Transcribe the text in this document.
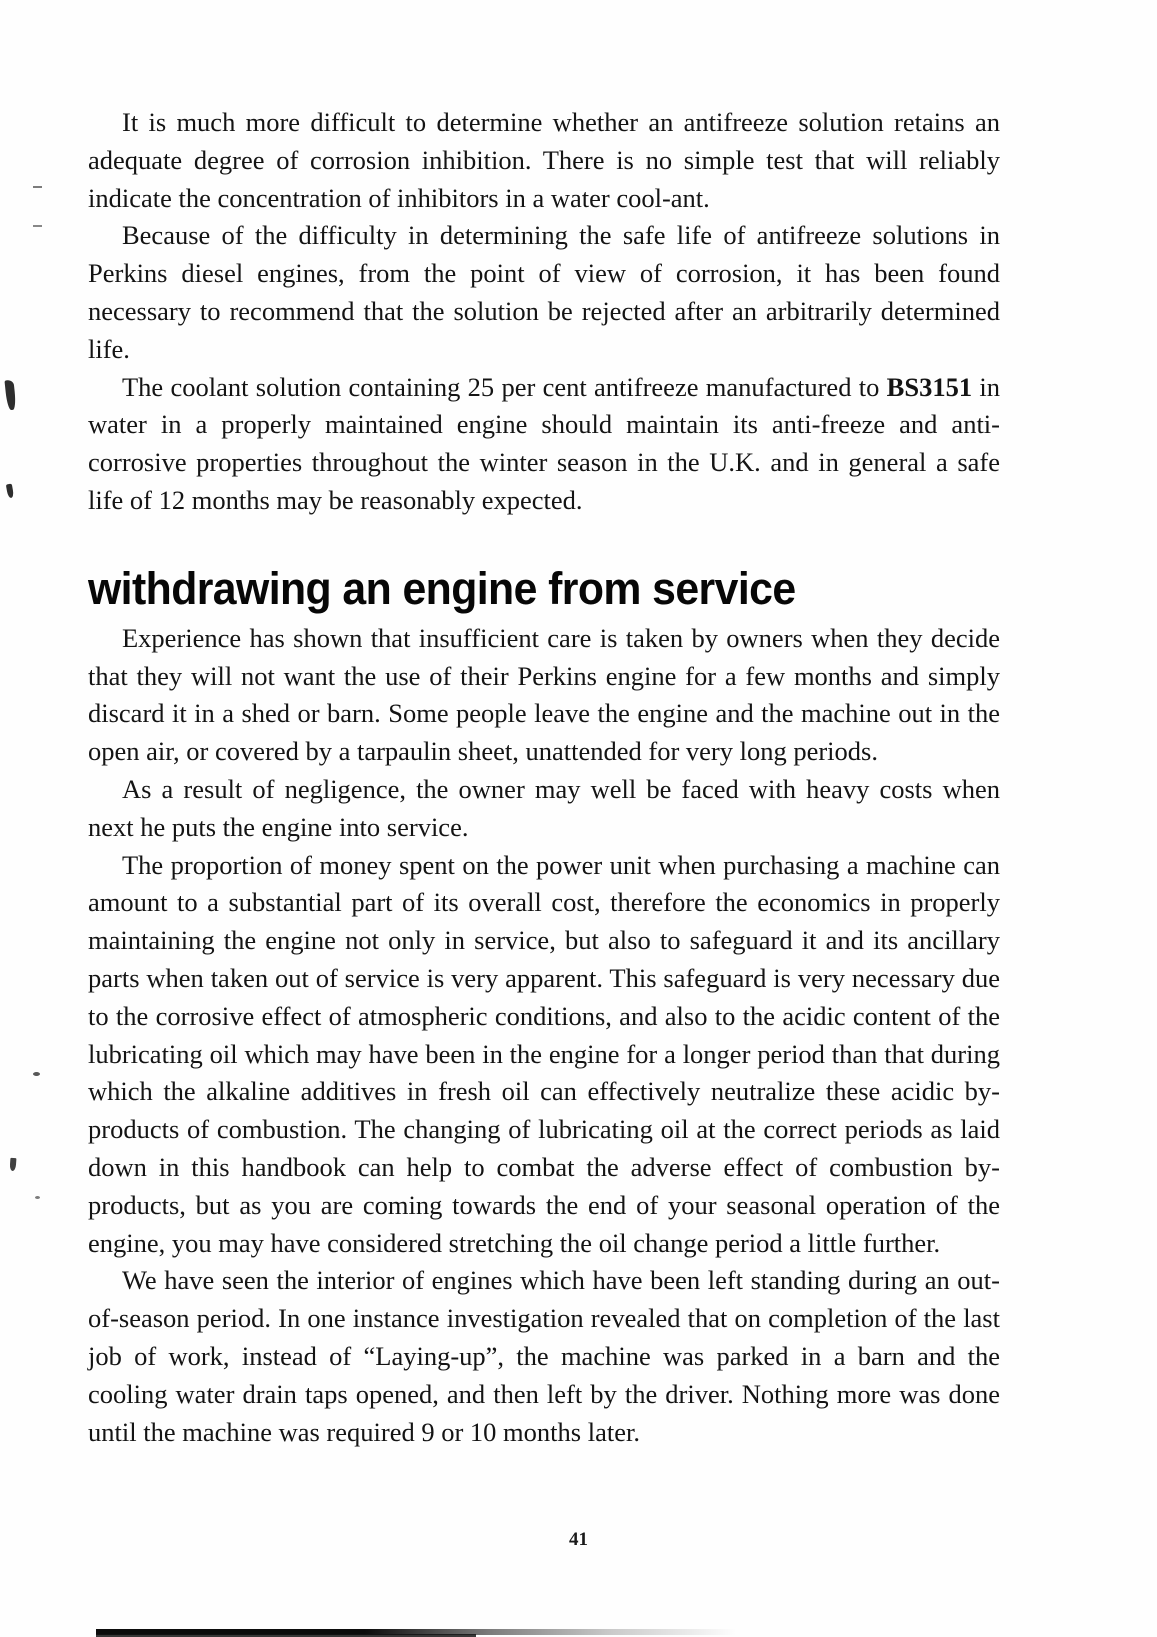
It is much more difficult to determine whether an antifreeze solution retains an adequate degree of corrosion inhibition. There is no simple test that will reliably indicate the concentration of inhibitors in a water cool-ant.

Because of the difficulty in determining the safe life of antifreeze solutions in Perkins diesel engines, from the point of view of corrosion, it has been found necessary to recommend that the solution be rejected after an arbitrarily determined life.

The coolant solution containing 25 per cent antifreeze manufactured to BS3151 in water in a properly maintained engine should maintain its anti-freeze and anti-corrosive properties throughout the winter season in the U.K. and in general a safe life of 12 months may be reasonably expected.

withdrawing an engine from service

Experience has shown that insufficient care is taken by owners when they decide that they will not want the use of their Perkins engine for a few months and simply discard it in a shed or barn. Some people leave the engine and the machine out in the open air, or covered by a tarpaulin sheet, unattended for very long periods.

As a result of negligence, the owner may well be faced with heavy costs when next he puts the engine into service.

The proportion of money spent on the power unit when purchasing a machine can amount to a substantial part of its overall cost, therefore the economics in properly maintaining the engine not only in service, but also to safeguard it and its ancillary parts when taken out of service is very apparent. This safeguard is very necessary due to the corrosive effect of atmospheric conditions, and also to the acidic content of the lubricating oil which may have been in the engine for a longer period than that during which the alkaline additives in fresh oil can effectively neutralize these acidic by-products of combustion. The changing of lubricating oil at the correct periods as laid down in this handbook can help to combat the adverse effect of combustion by-products, but as you are coming towards the end of your seasonal operation of the engine, you may have considered stretching the oil change period a little further.

We have seen the interior of engines which have been left standing during an out-of-season period. In one instance investigation revealed that on completion of the last job of work, instead of “Laying-up”, the machine was parked in a barn and the cooling water drain taps opened, and then left by the driver. Nothing more was done until the machine was required 9 or 10 months later.

41
